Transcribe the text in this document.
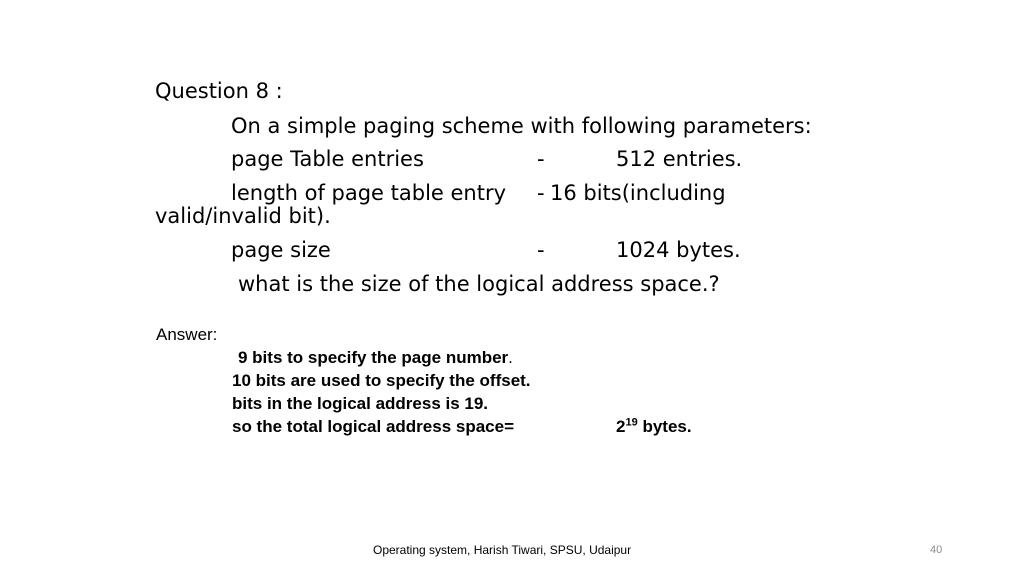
Question 8 :
On a simple paging scheme with following parameters:
page Table entries	-	512 entries.
length of page table entry - 16 bits(including
valid/invalid bit).
page size	-	1024 bytes.
what is the size of the logical address space.?
Answer:
9 bits to specify the page number.
10 bits are used to specify the offset.
bits in the logical address is 19.
so the total logical address space=	$2^{19}$ bytes.
Operating system, Harish Tiwari, SPSU, Udaipur	40
